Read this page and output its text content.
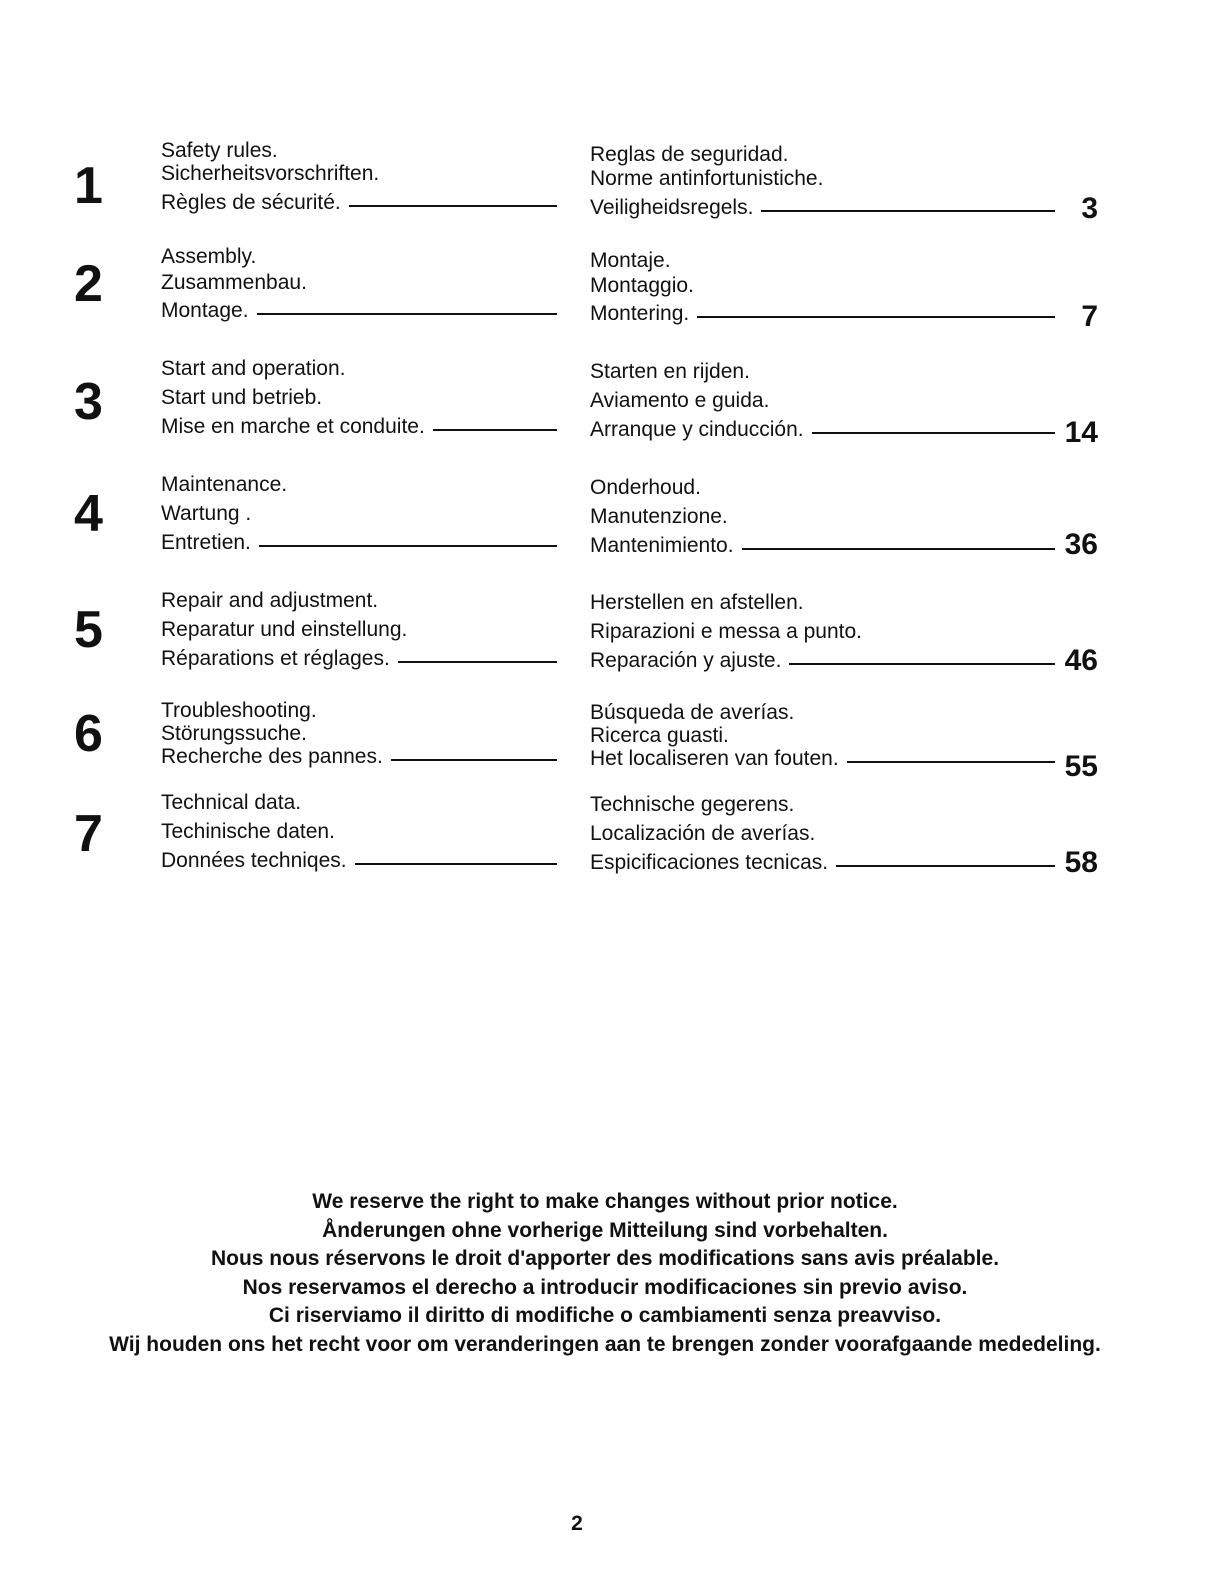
1
Safety rules.
Sicherheitsvorschriften.
Règles de sécurité.
Reglas de seguridad.
Norme antinfortunistiche.
Veiligheidsregels.	3
2	Assembly.
Zusammenbau.
Montage.
Montaje.
Montaggio.
Montering.	7
3
Start and operation.
Start und betrieb.
Mise en marche et conduite.
Starten en rijden.
Aviamento e guida.
Arranque y cinducción.	14
4
Maintenance.
Wartung .
Entretien.
Onderhoud.
Manutenzione.
Mantenimiento.	36
5
Repair and adjustment.
Reparatur und einstellung.
Réparations et réglages.
Herstellen en afstellen.
Riparazioni e messa a punto.
Reparación y ajuste.	46
6	Troubleshooting.
Störungssuche.
Recherche des pannes.
Búsqueda de averías.
Ricerca guasti.
Het localiseren van fouten.	55
7
Technical data.
Techinische daten.
Données techniqes.
Technische gegerens.
Localización de averías.
Espicificaciones tecnicas.	58

We reserve the right to make changes without prior notice.

Ånderungen ohne vorherige Mitteilung sind vorbehalten.

Nous nous réservons le droit d'apporter des modifications sans avis préalable.

Nos reservamos el derecho a introducir modificaciones sin previo aviso.

Ci riserviamo il diritto di modifiche o cambiamenti senza preavviso.

Wij houden ons het recht voor om veranderingen aan te brengen zonder voorafgaande mededeling.

2
